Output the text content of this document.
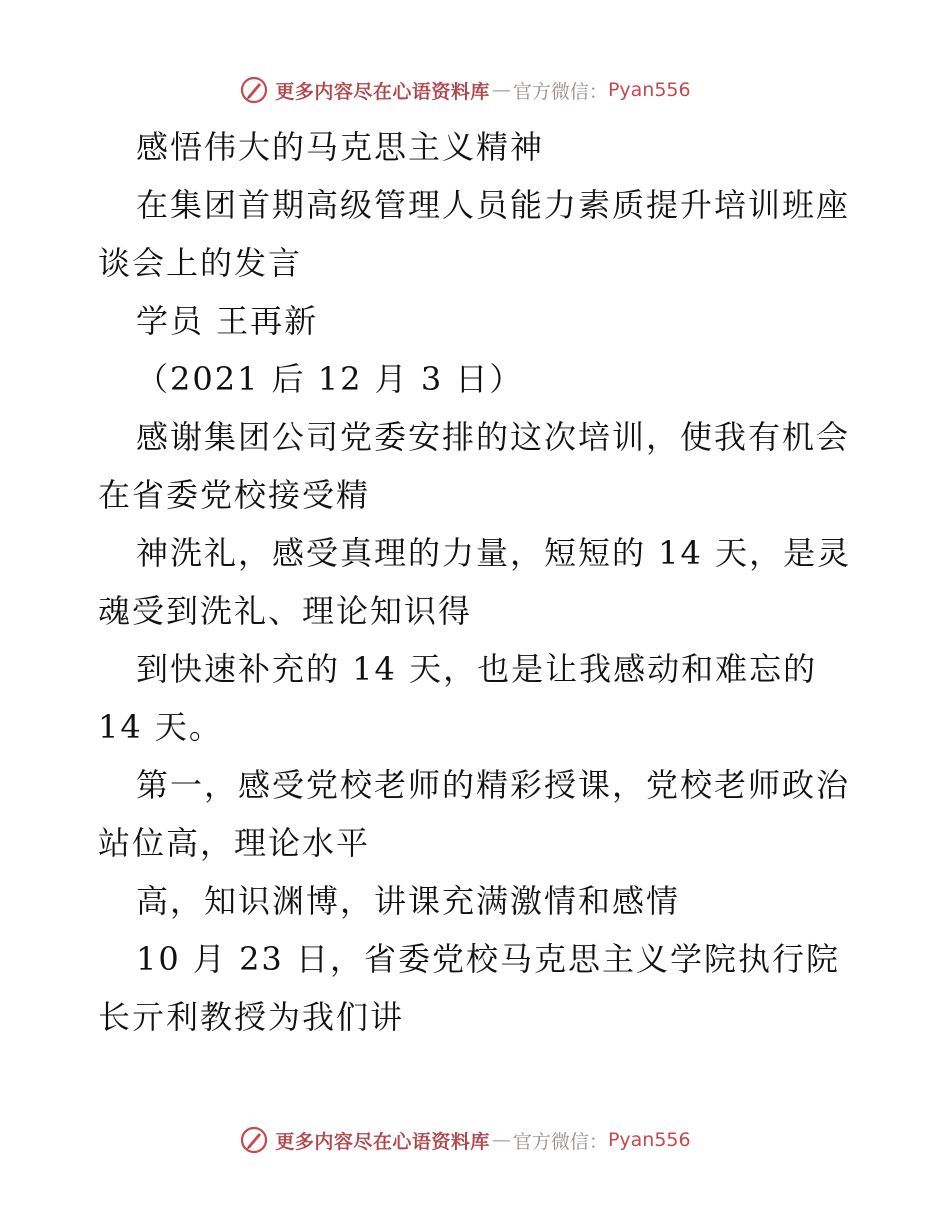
更多内容尽在心语资料库 — 官方微信： Pyan556
感悟伟大的马克思主义精神
在集团首期高级管理人员能力素质提升培训班座
谈会上的发言
学员 王再新
（2021 后 12 月 3 日）
感谢集团公司党委安排的这次培训，使我有机会
在省委党校接受精
神洗礼，感受真理的力量，短短的 14 天，是灵
魂受到洗礼、理论知识得
到快速补充的 14 天，也是让我感动和难忘的
14 天。
第一，感受党校老师的精彩授课，党校老师政治
站位高，理论水平
高，知识渊博，讲课充满激情和感情
10 月 23 日，省委党校马克思主义学院执行院
长亓利教授为我们讲
更多内容尽在心语资料库 — 官方微信： Pyan556
